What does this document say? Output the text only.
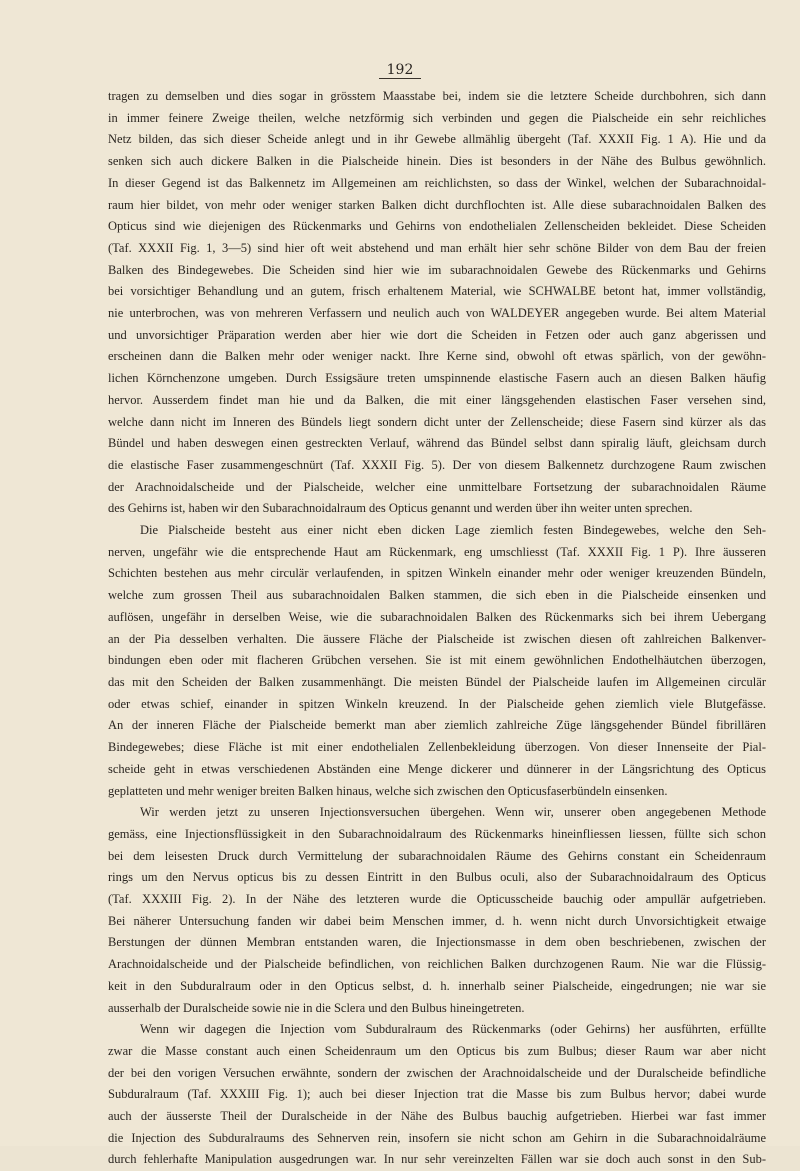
192
tragen zu demselben und dies sogar in grösstem Maasstabe bei, indem sie die letztere Scheide durchbohren, sich dann
in immer feinere Zweige theilen, welche netzförmig sich verbinden und gegen die Pialscheide ein sehr reichliches
Netz bilden, das sich dieser Scheide anlegt und in ihr Gewebe allmählig übergeht (Taf. XXXII Fig. 1 A). Hie und da
senken sich auch dickere Balken in die Pialscheide hinein. Dies ist besonders in der Nähe des Bulbus gewöhnlich.
In dieser Gegend ist das Balkennetz im Allgemeinen am reichlichsten, so dass der Winkel, welchen der Subarachnoidal-
raum hier bildet, von mehr oder weniger starken Balken dicht durchflochten ist. Alle diese subarachnoidalen Balken des
Opticus sind wie diejenigen des Rückenmarks und Gehirns von endothelialen Zellenscheiden bekleidet. Diese Scheiden
(Taf. XXXII Fig. 1, 3—5) sind hier oft weit abstehend und man erhält hier sehr schöne Bilder von dem Bau der freien
Balken des Bindegewebes. Die Scheiden sind hier wie im subarachnoidalen Gewebe des Rückenmarks und Gehirns
bei vorsichtiger Behandlung und an gutem, frisch erhaltenem Material, wie SCHWALBE betont hat, immer vollständig,
nie unterbrochen, was von mehreren Verfassern und neulich auch von WALDEYER angegeben wurde. Bei altem Material
und unvorsichtiger Präparation werden aber hier wie dort die Scheiden in Fetzen oder auch ganz abgerissen und
erscheinen dann die Balken mehr oder weniger nackt. Ihre Kerne sind, obwohl oft etwas spärlich, von der gewöhn-
lichen Körnchenzone umgeben. Durch Essigsäure treten umspinnende elastische Fasern auch an diesen Balken häufig
hervor. Ausserdem findet man hie und da Balken, die mit einer längsgehenden elastischen Faser versehen sind,
welche dann nicht im Inneren des Bündels liegt sondern dicht unter der Zellenscheide; diese Fasern sind kürzer als das
Bündel und haben deswegen einen gestreckten Verlauf, während das Bündel selbst dann spiralig läuft, gleichsam durch
die elastische Faser zusammengeschnürt (Taf. XXXII Fig. 5). Der von diesem Balkennetz durchzogene Raum zwischen
der Arachnoidalscheide und der Pialscheide, welcher eine unmittelbare Fortsetzung der subarachnoidalen Räume
des Gehirns ist, haben wir den Subarachnoidalraum des Opticus genannt und werden über ihn weiter unten sprechen.
Die Pialscheide besteht aus einer nicht eben dicken Lage ziemlich festen Bindegewebes, welche den Seh-
nerven, ungefähr wie die entsprechende Haut am Rückenmark, eng umschliesst (Taf. XXXII Fig. 1 P). Ihre äusseren
Schichten bestehen aus mehr circulär verlaufenden, in spitzen Winkeln einander mehr oder weniger kreuzenden Bündeln,
welche zum grossen Theil aus subarachnoidalen Balken stammen, die sich eben in die Pialscheide einsenken und
auflösen, ungefähr in derselben Weise, wie die subarachnoidalen Balken des Rückenmarks sich bei ihrem Uebergang
an der Pia desselben verhalten. Die äussere Fläche der Pialscheide ist zwischen diesen oft zahlreichen Balkenver-
bindungen eben oder mit flacheren Grübchen versehen. Sie ist mit einem gewöhnlichen Endothelhäutchen überzogen,
das mit den Scheiden der Balken zusammenhängt. Die meisten Bündel der Pialscheide laufen im Allgemeinen circulär
oder etwas schief, einander in spitzen Winkeln kreuzend. In der Pialscheide gehen ziemlich viele Blutgefässe.
An der inneren Fläche der Pialscheide bemerkt man aber ziemlich zahlreiche Züge längsgehender Bündel fibrillären
Bindegewebes; diese Fläche ist mit einer endothelialen Zellenbekleidung überzogen. Von dieser Innenseite der Pial-
scheide geht in etwas verschiedenen Abständen eine Menge dickerer und dünnerer in der Längsrichtung des Opticus
geplatteten und mehr weniger breiten Balken hinaus, welche sich zwischen den Opticusfaserbündeln einsenken.
Wir werden jetzt zu unseren Injectionsversuchen übergehen. Wenn wir, unserer oben angegebenen Methode
gemäss, eine Injectionsflüssigkeit in den Subarachnoidalraum des Rückenmarks hineinfliessen liessen, füllte sich schon
bei dem leisesten Druck durch Vermittelung der subarachnoidalen Räume des Gehirns constant ein Scheidenraum
rings um den Nervus opticus bis zu dessen Eintritt in den Bulbus oculi, also der Subarachnoidalraum des Opticus
(Taf. XXXIII Fig. 2). In der Nähe des letzteren wurde die Opticusscheide bauchig oder ampullär aufgetrieben.
Bei näherer Untersuchung fanden wir dabei beim Menschen immer, d. h. wenn nicht durch Unvorsichtigkeit etwaige
Berstungen der dünnen Membran entstanden waren, die Injectionsmasse in dem oben beschriebenen, zwischen der
Arachnoidalscheide und der Pialscheide befindlichen, von reichlichen Balken durchzogenen Raum. Nie war die Flüssig-
keit in den Subduralraum oder in den Opticus selbst, d. h. innerhalb seiner Pialscheide, eingedrungen; nie war sie
ausserhalb der Duralscheide sowie nie in die Sclera und den Bulbus hineingetreten.
Wenn wir dagegen die Injection vom Subduralraum des Rückenmarks (oder Gehirns) her ausführten, erfüllte
zwar die Masse constant auch einen Scheidenraum um den Opticus bis zum Bulbus; dieser Raum war aber nicht
der bei den vorigen Versuchen erwähnte, sondern der zwischen der Arachnoidalscheide und der Duralscheide befindliche
Subduralraum (Taf. XXXIII Fig. 1); auch bei dieser Injection trat die Masse bis zum Bulbus hervor; dabei wurde
auch der äusserste Theil der Duralscheide in der Nähe des Bulbus bauchig aufgetrieben. Hierbei war fast immer
die Injection des Subduralraums des Sehnerven rein, insofern sie nicht schon am Gehirn in die Subarachnoidalräume
durch fehlerhafte Manipulation ausgedrungen war. In nur sehr vereinzelten Fällen war sie doch auch sonst in den Sub-
